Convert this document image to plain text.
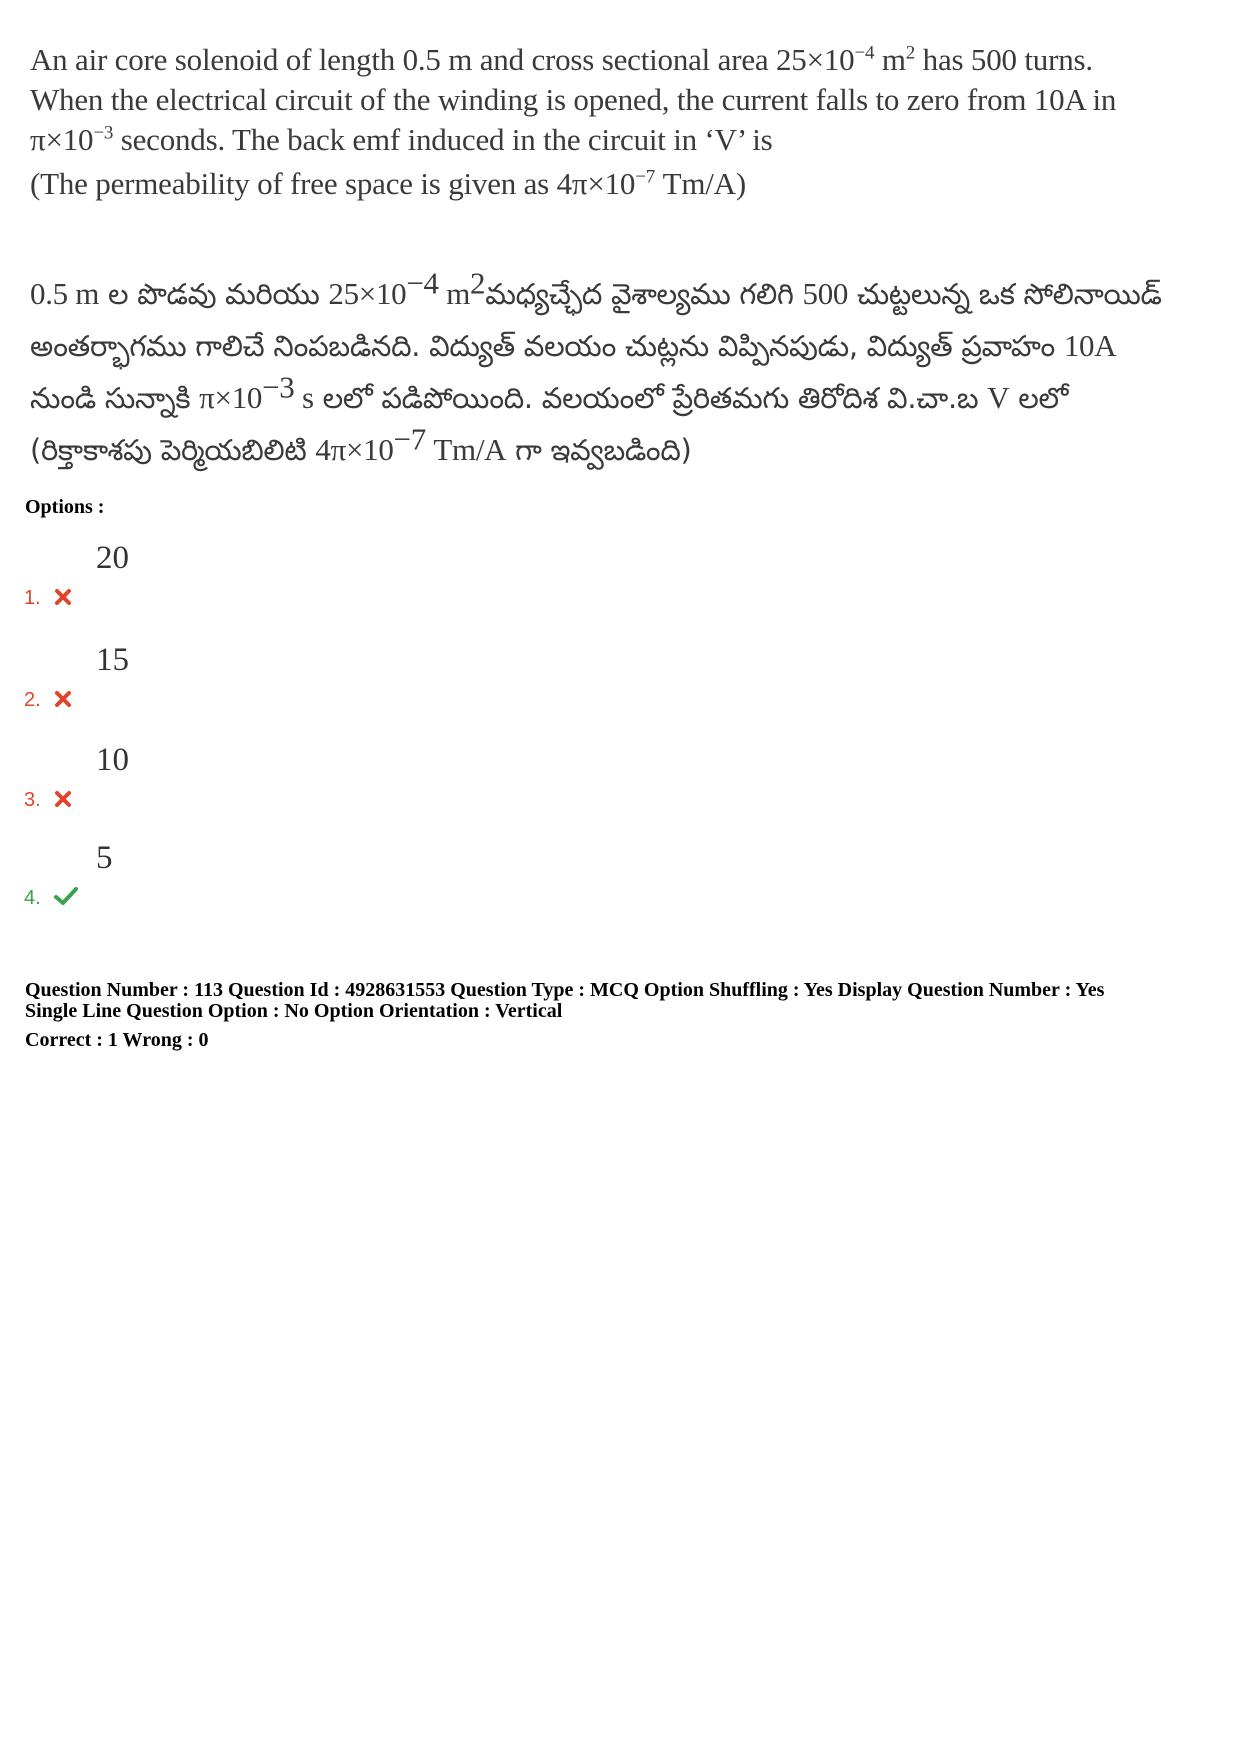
An air core solenoid of length 0.5 m and cross sectional area $25\times 10^{-4}$ $m^2$ has 500 turns.
When the electrical circuit of the winding is opened, the current falls to zero from 10A in
$\pi\times 10^{-3}$ seconds. The back emf induced in the circuit in ‘V’ is
(The permeability of free space is given as $4\pi\times 10^{-7}$ Tm/A)
0.5 m ల పొడవు మరియు $25\times 10^{-4}$ $m^2మధ్యచ్ఛేద$ వైశాల్యము గలిగి 500 చుట్టలున్న ఒక సోలినాయిడ్
అంతర్భాగము గాలిచే నింపబడినది. విద్యుత్ వలయం చుట్లను విప్పినపుడు, విద్యుత్ ప్రవాహం 10A
నుండి సున్నాకి $\pi\times 10^{-3}$ s లలో పడిపోయింది. వలయంలో ప్రేరితమగు తిరోదిశ వి.చా.బ V లలో
(రిక్తాకాశపు పెర్మియబిలిటి $4\pi\times 10^{-7}$ Tm/A గా ఇవ్వబడింది)
Options :
1.
20
2.
15
3.
10
4.
5
Question Number : 113 Question Id : 4928631553 Question Type : MCQ Option Shuffling : Yes Display Question Number : Yes
Single Line Question Option : No Option Orientation : Vertical
Correct : 1 Wrong : 0
